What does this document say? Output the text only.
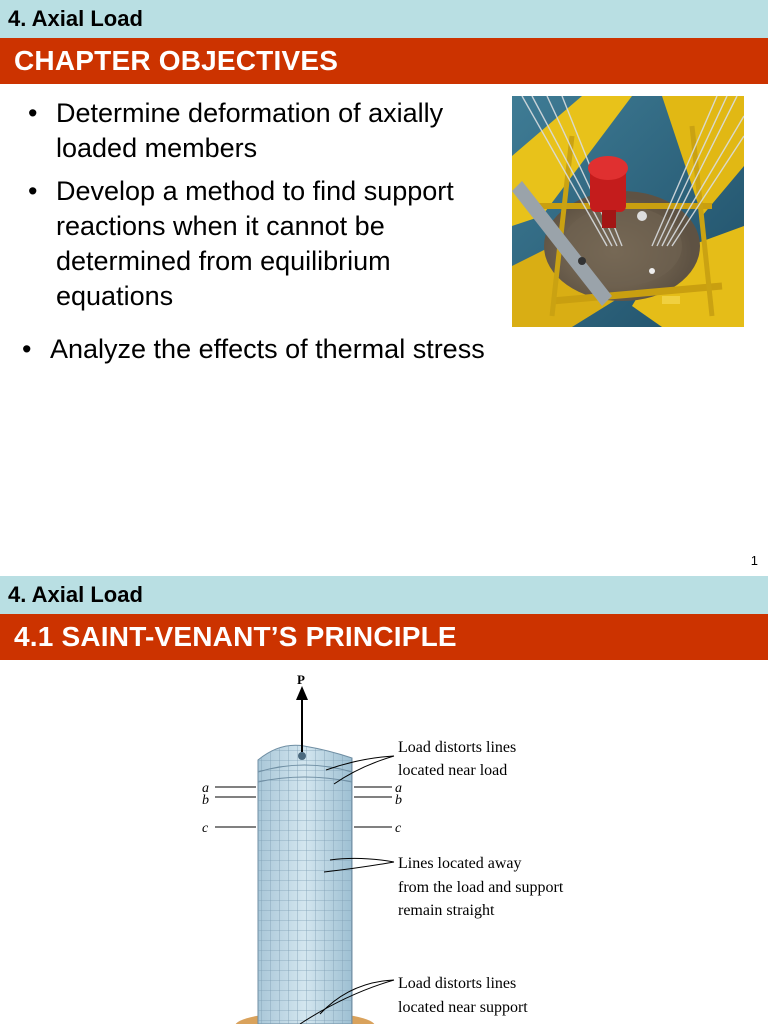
4. Axial Load
CHAPTER OBJECTIVES
• Determine deformation of axially loaded members
• Develop a method to find support reactions when it cannot be determined from equilibrium equations
• Analyze the effects of thermal stress
1
4. Axial Load
4.1 SAINT-VENANT’S PRINCIPLE
P
a
b
c
a
b
c
Load distorts lines
located near load
Lines located away
from the load and support
remain straight
Load distorts lines
located near support
